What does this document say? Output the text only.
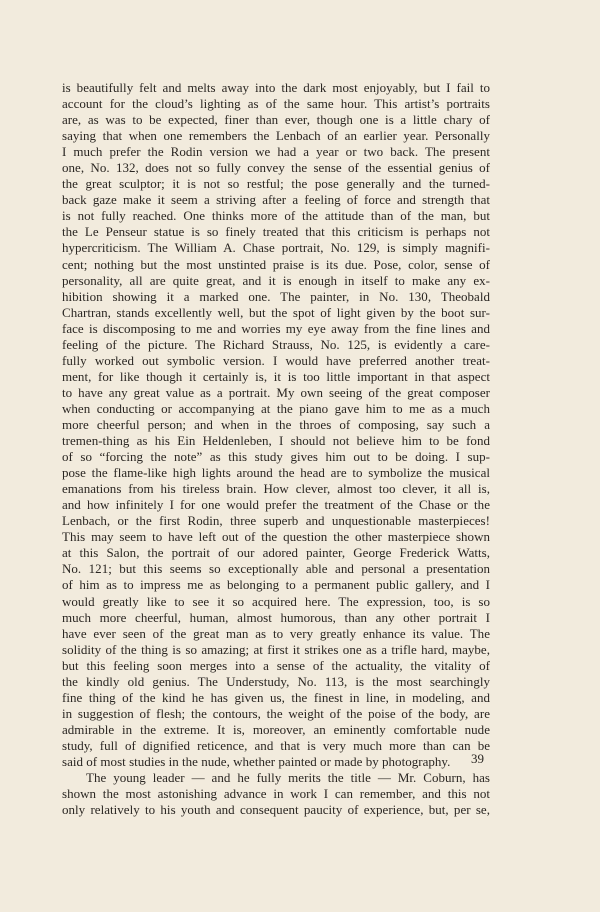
is beautifully felt and melts away into the dark most enjoyably, but I fail to
account for the cloud’s lighting as of the same hour. This artist’s portraits
are, as was to be expected, finer than ever, though one is a little chary of
saying that when one remembers the Lenbach of an earlier year. Personally
I much prefer the Rodin version we had a year or two back. The present
one, No. 132, does not so fully convey the sense of the essential genius of
the great sculptor; it is not so restful; the pose generally and the turned-
back gaze make it seem a striving after a feeling of force and strength that
is not fully reached. One thinks more of the attitude than of the man, but
the Le Penseur statue is so finely treated that this criticism is perhaps not
hypercriticism. The William A. Chase portrait, No. 129, is simply magnifi-
cent; nothing but the most unstinted praise is its due. Pose, color, sense of
personality, all are quite great, and it is enough in itself to make any ex-
hibition showing it a marked one. The painter, in No. 130, Theobald
Chartran, stands excellently well, but the spot of light given by the boot sur-
face is discomposing to me and worries my eye away from the fine lines and
feeling of the picture. The Richard Strauss, No. 125, is evidently a care-
fully worked out symbolic version. I would have preferred another treat-
ment, for like though it certainly is, it is too little important in that aspect
to have any great value as a portrait. My own seeing of the great composer
when conducting or accompanying at the piano gave him to me as a much
more cheerful person; and when in the throes of composing, say such a
tremen-thing as his Ein Heldenleben, I should not believe him to be fond
of so “forcing the note” as this study gives him out to be doing. I sup-
pose the flame-like high lights around the head are to symbolize the musical
emanations from his tireless brain. How clever, almost too clever, it all is,
and how infinitely I for one would prefer the treatment of the Chase or the
Lenbach, or the first Rodin, three superb and unquestionable masterpieces!
This may seem to have left out of the question the other masterpiece shown
at this Salon, the portrait of our adored painter, George Frederick Watts,
No. 121; but this seems so exceptionally able and personal a presentation
of him as to impress me as belonging to a permanent public gallery, and I
would greatly like to see it so acquired here. The expression, too, is so
much more cheerful, human, almost humorous, than any other portrait I
have ever seen of the great man as to very greatly enhance its value. The
solidity of the thing is so amazing; at first it strikes one as a trifle hard, maybe,
but this feeling soon merges into a sense of the actuality, the vitality of
the kindly old genius. The Understudy, No. 113, is the most searchingly
fine thing of the kind he has given us, the finest in line, in modeling, and
in suggestion of flesh; the contours, the weight of the poise of the body, are
admirable in the extreme. It is, moreover, an eminently comfortable nude
study, full of dignified reticence, and that is very much more than can be
said of most studies in the nude, whether painted or made by photography.
The young leader — and he fully merits the title — Mr. Coburn, has
shown the most astonishing advance in work I can remember, and this not
only relatively to his youth and consequent paucity of experience, but, per se,
39
